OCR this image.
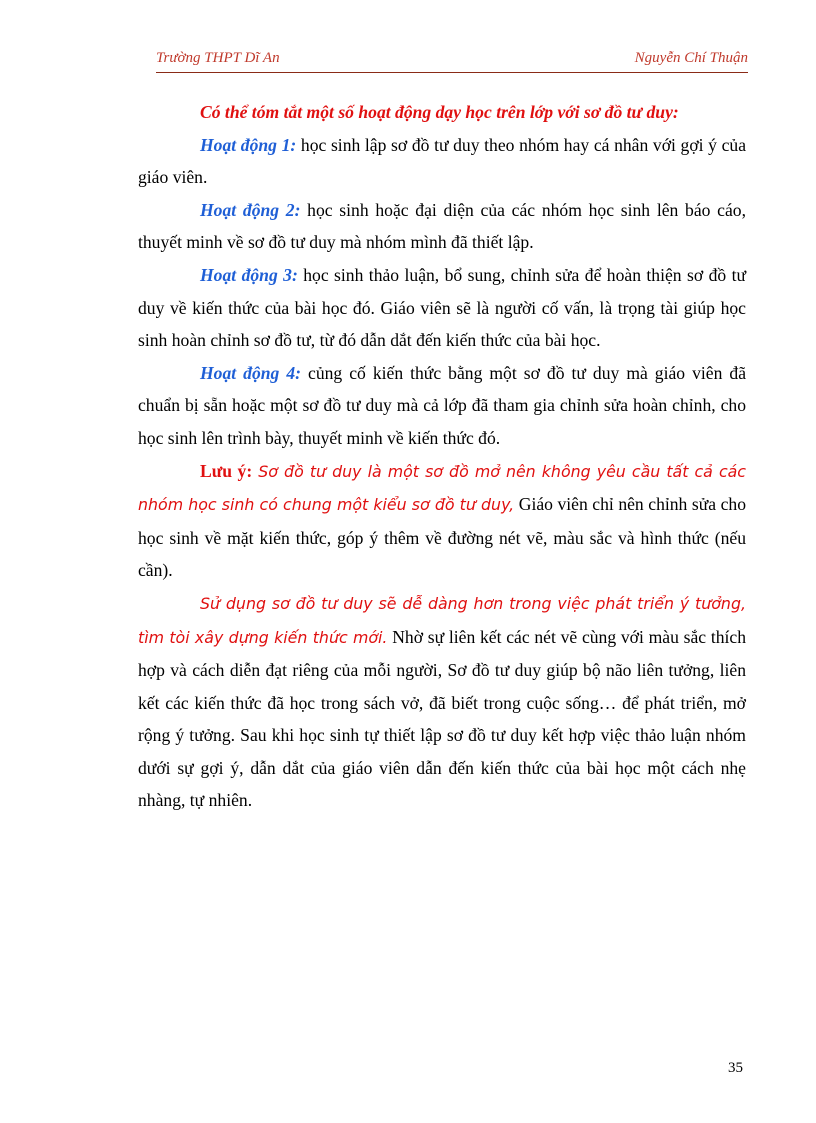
Trường THPT Dĩ An	Nguyễn Chí Thuận

Có thể tóm tắt một số hoạt động dạy học trên lớp với sơ đồ tư duy:

Hoạt động 1: học sinh lập sơ đồ tư duy theo nhóm hay cá nhân với gợi ý của giáo viên.

Hoạt động 2: học sinh hoặc đại diện của các nhóm học sinh lên báo cáo, thuyết minh về sơ đồ tư duy mà nhóm mình đã thiết lập.

Hoạt động 3: học sinh thảo luận, bổ sung, chỉnh sửa để hoàn thiện sơ đồ tư duy về kiến thức của bài học đó. Giáo viên sẽ là người cố vấn, là trọng tài giúp học sinh hoàn chỉnh sơ đồ tư, từ đó dẫn dắt đến kiến thức của bài học.

Hoạt động 4: củng cố kiến thức bằng một sơ đồ tư duy mà giáo viên đã chuẩn bị sẵn hoặc một sơ đồ tư duy mà cả lớp đã tham gia chỉnh sửa hoàn chỉnh, cho học sinh lên trình bày, thuyết minh về kiến thức đó.

Lưu ý: Sơ đồ tư duy là một sơ đồ mở nên không yêu cầu tất cả các nhóm học sinh có chung một kiểu sơ đồ tư duy, Giáo viên chỉ nên chỉnh sửa cho học sinh về mặt kiến thức, góp ý thêm về đường nét vẽ, màu sắc và hình thức (nếu cần).

Sử dụng sơ đồ tư duy sẽ dễ dàng hơn trong việc phát triển ý tưởng, tìm tòi xây dựng kiến thức mới. Nhờ sự liên kết các nét vẽ cùng với màu sắc thích hợp và cách diễn đạt riêng của mỗi người, Sơ đồ tư duy giúp bộ não liên tưởng, liên kết các kiến thức đã học trong sách vở, đã biết trong cuộc sống… để phát triển, mở rộng ý tưởng. Sau khi học sinh tự thiết lập sơ đồ tư duy kết hợp việc thảo luận nhóm dưới sự gợi ý, dẫn dắt của giáo viên dẫn đến kiến thức của bài học một cách nhẹ nhàng, tự nhiên.

35
